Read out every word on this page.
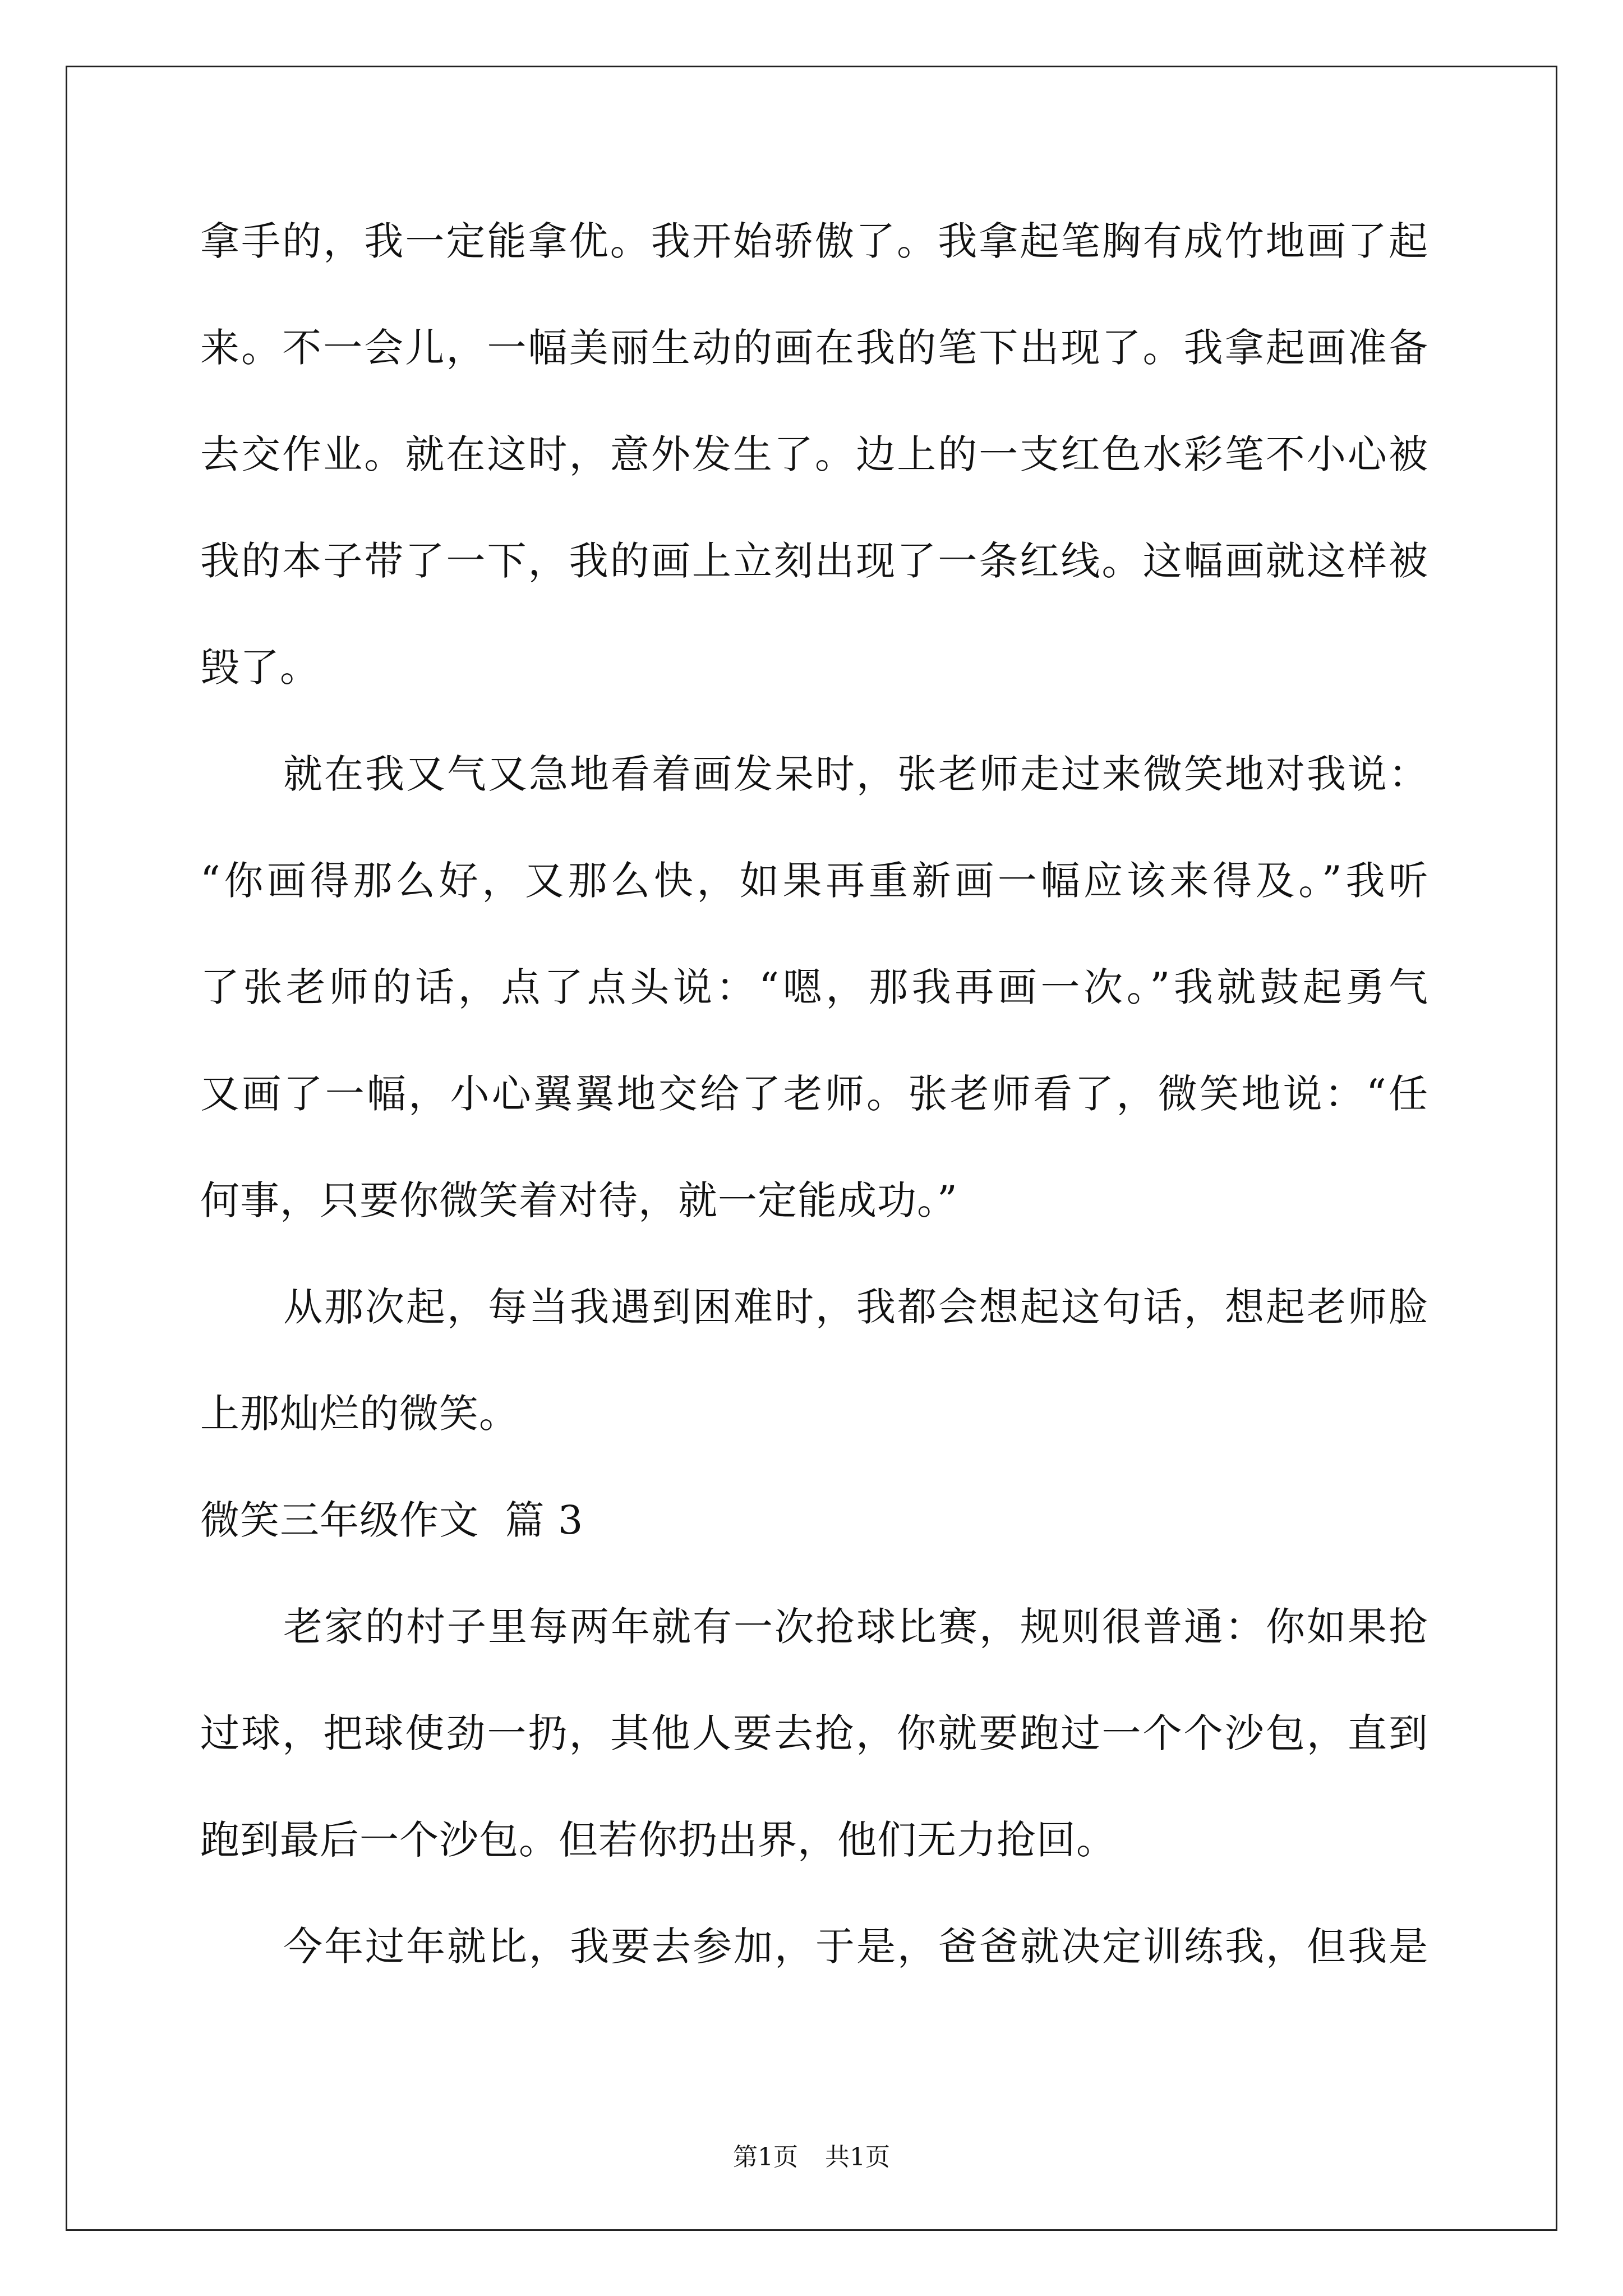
拿手的，我一定能拿优。我开始骄傲了。我拿起笔胸有成竹地画了起
来。不一会儿，一幅美丽生动的画在我的笔下出现了。我拿起画准备
去交作业。就在这时，意外发生了。边上的一支红色水彩笔不小心被
我的本子带了一下，我的画上立刻出现了一条红线。这幅画就这样被
毁了。
就在我又气又急地看着画发呆时，张老师走过来微笑地对我说：
“你画得那么好，又那么快，如果再重新画一幅应该来得及。”我听
了张老师的话，点了点头说：“嗯，那我再画一次。”我就鼓起勇气
又画了一幅，小心翼翼地交给了老师。张老师看了，微笑地说：“任
何事，只要你微笑着对待，就一定能成功。”
从那次起，每当我遇到困难时，我都会想起这句话，想起老师脸
上那灿烂的微笑。
微笑三年级作文  篇 3
老家的村子里每两年就有一次抢球比赛，规则很普通：你如果抢
过球，把球使劲一扔，其他人要去抢，你就要跑过一个个沙包，直到
跑到最后一个沙包。但若你扔出界，他们无力抢回。
今年过年就比，我要去参加，于是，爸爸就决定训练我，但我是
第1页 共1页
